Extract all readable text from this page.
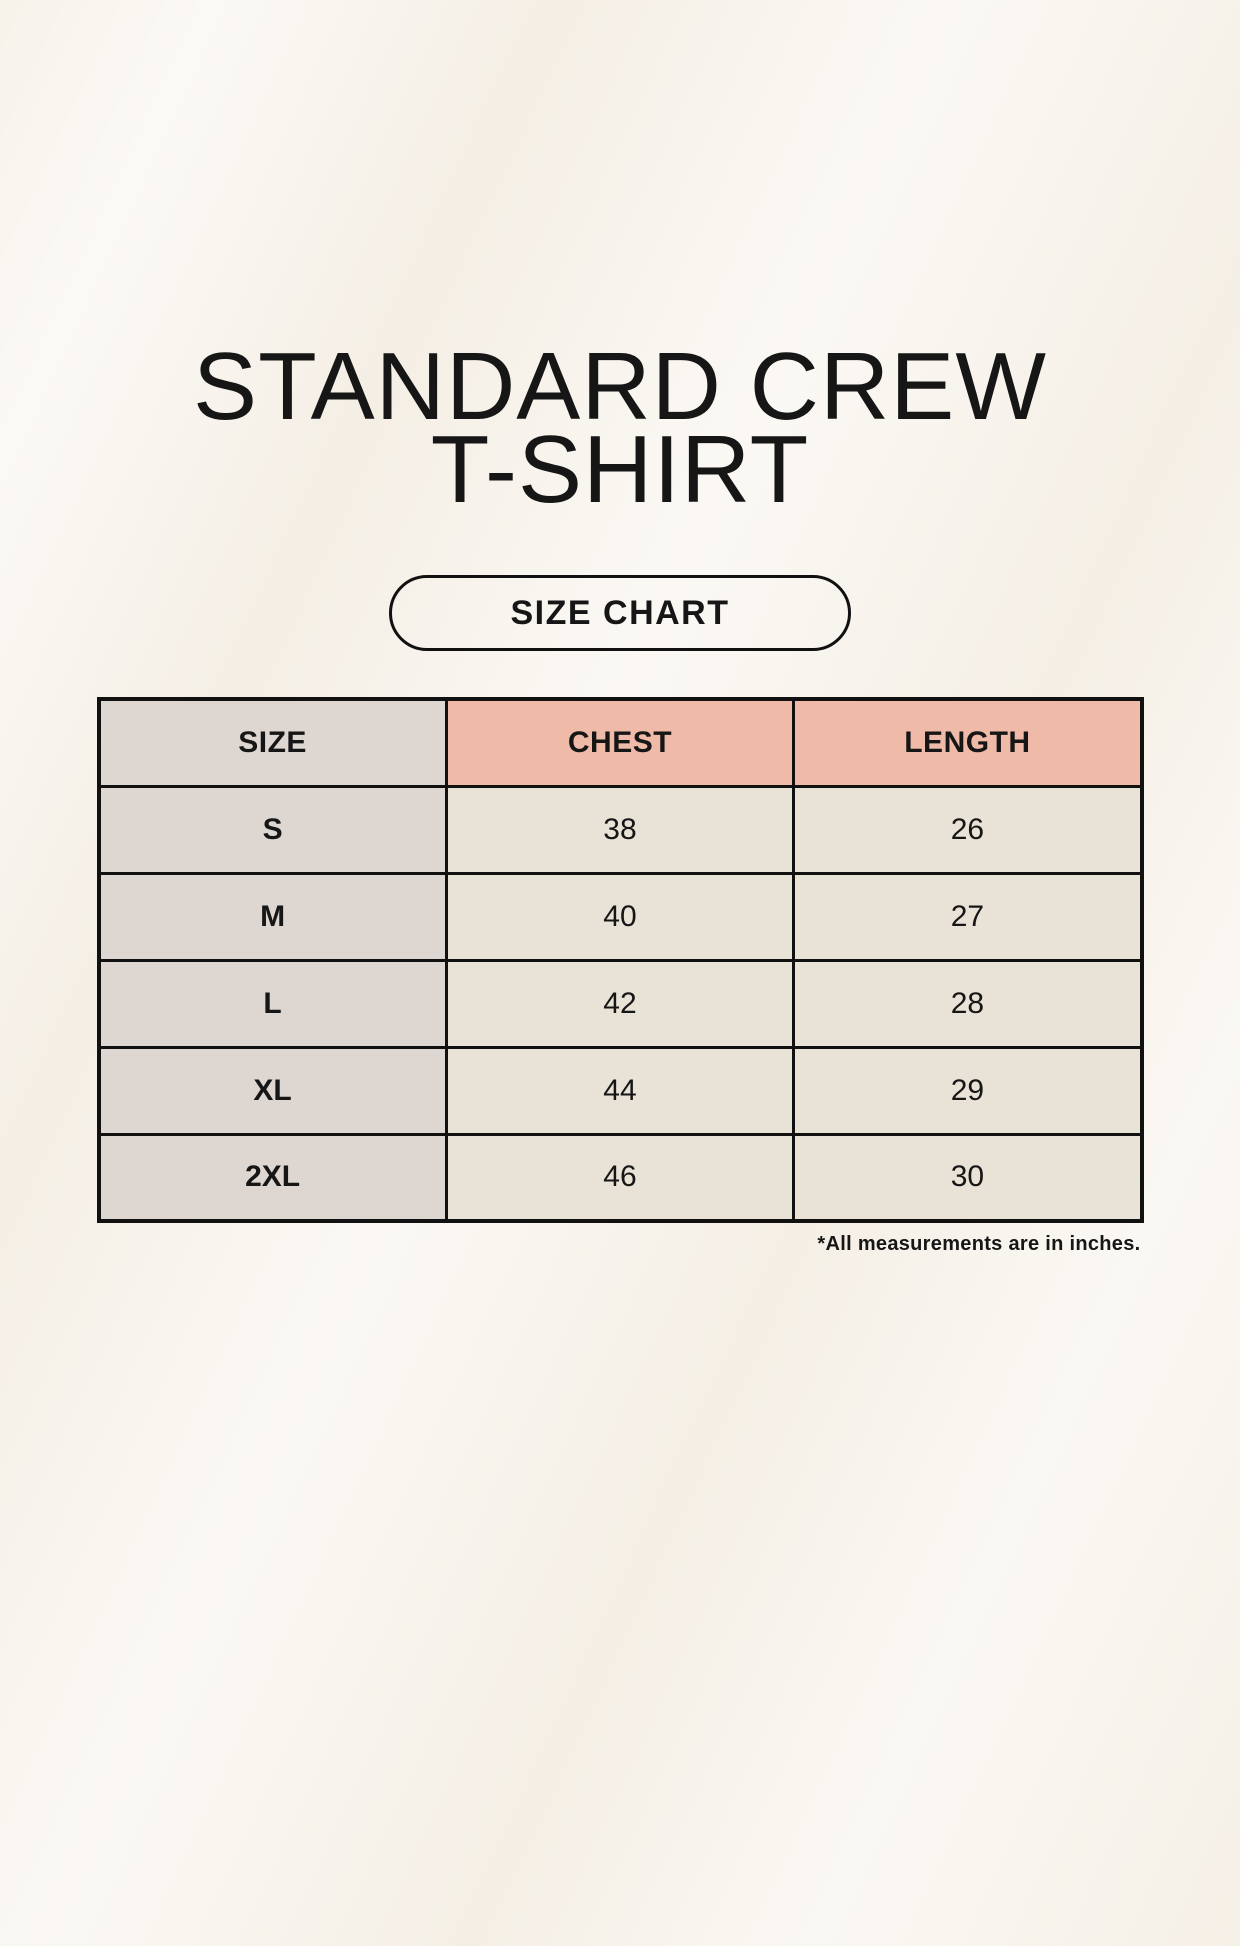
STANDARD CREW
T-SHIRT
SIZE CHART
SIZE	CHEST	LENGTH
S	38	26
M	40	27
L	42	28
XL	44	29
2XL	46	30
*All measurements are in inches.
